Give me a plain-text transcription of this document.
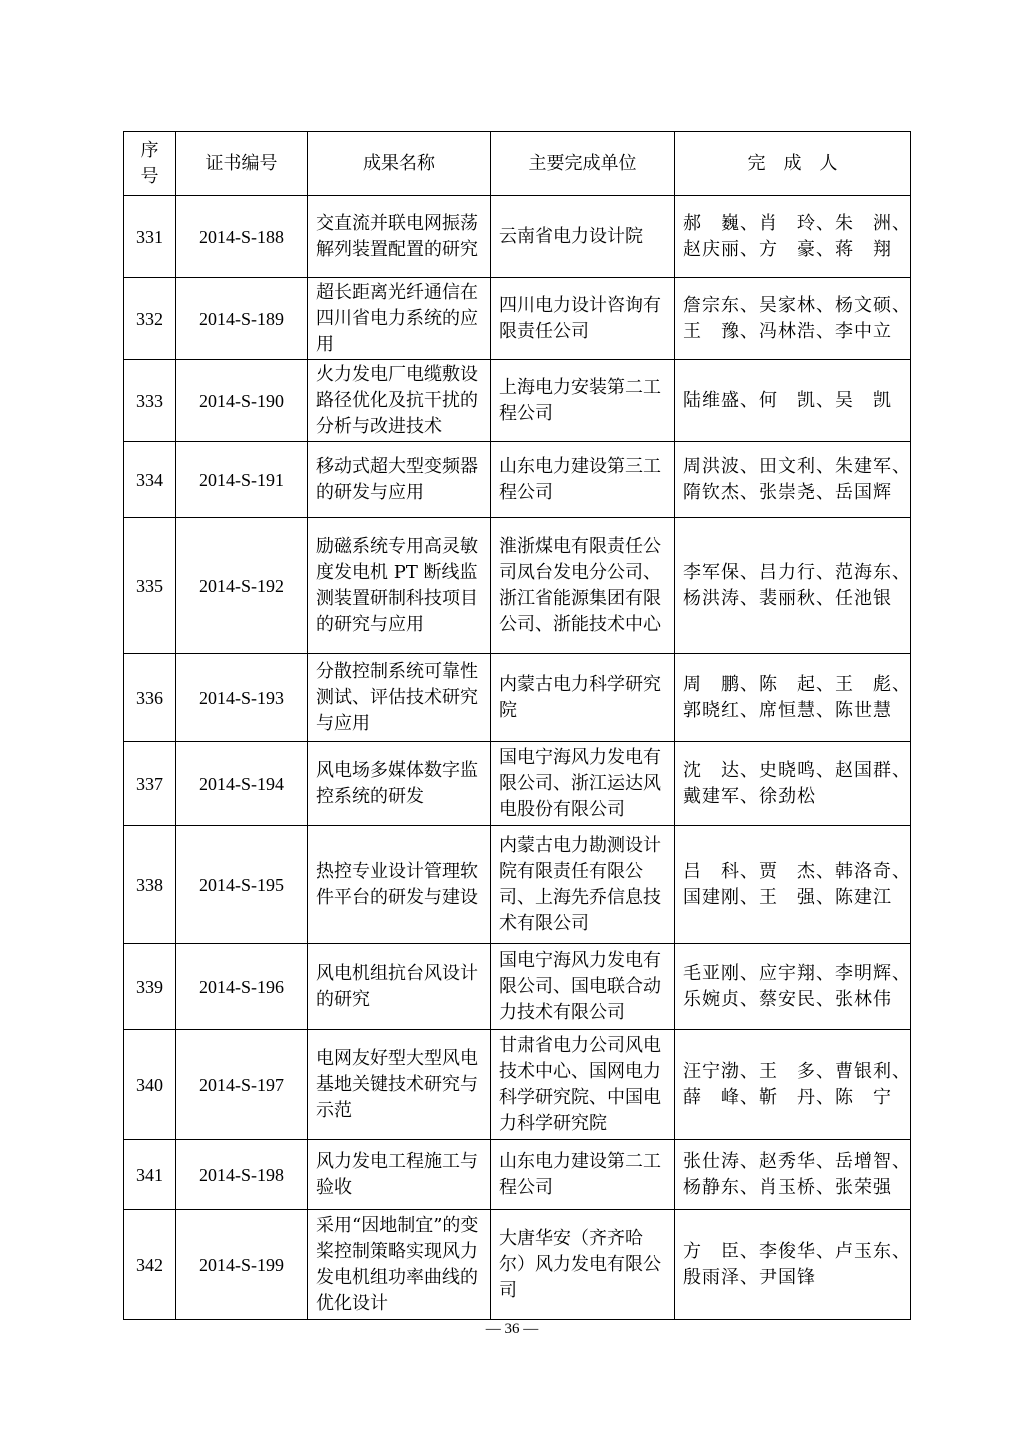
序
号	证书编号	成果名称	主要完成单位	完　成　人
331	2014-S-188	交直流并联电网振荡解列装置配置的研究	云南省电力设计院	郝　巍、肖　玲、朱　洲、
赵庆丽、方　豪、蒋　翔

332	2014-S-189	超长距离光纤通信在四川省电力系统的应用	四川电力设计咨询有限责任公司	詹宗东、吴家林、杨文硕、
王　豫、冯林浩、李中立

333	2014-S-190	火力发电厂电缆敷设路径优化及抗干扰的分析与改进技术	上海电力安装第二工程公司	陆维盛、何　凯、吴　凯

334	2014-S-191	移动式超大型变频器的研发与应用	山东电力建设第三工程公司	周洪波、田文利、朱建军、
隋钦杰、张崇尧、岳国辉

335	2014-S-192	励磁系统专用高灵敏度发电机 PT 断线监测装置研制科技项目的研究与应用	淮浙煤电有限责任公司凤台发电分公司、浙江省能源集团有限公司、浙能技术中心	李军保、吕力行、范海东、
杨洪涛、裴丽秋、任池银

336	2014-S-193	分散控制系统可靠性测试、评估技术研究与应用	内蒙古电力科学研究院	周　鹏、陈　起、王　彪、
郭晓红、席恒慧、陈世慧

337	2014-S-194	风电场多媒体数字监控系统的研发	国电宁海风力发电有限公司、浙江运达风电股份有限公司	沈　达、史晓鸣、赵国群、
戴建军、徐劲松

338	2014-S-195	热控专业设计管理软件平台的研发与建设	内蒙古电力勘测设计院有限责任有限公司、上海先乔信息技术有限公司	吕　科、贾　杰、韩洛奇、
国建刚、王　强、陈建江

339	2014-S-196	风电机组抗台风设计的研究	国电宁海风力发电有限公司、国电联合动力技术有限公司	毛亚刚、应宇翔、李明辉、
乐婉贞、蔡安民、张林伟

340	2014-S-197	电网友好型大型风电基地关键技术研究与示范	甘肃省电力公司风电技术中心、国网电力科学研究院、中国电力科学研究院	汪宁渤、王　多、曹银利、
薛　峰、靳　丹、陈　宁

341	2014-S-198	风力发电工程施工与验收	山东电力建设第二工程公司	张仕涛、赵秀华、岳增智、
杨静东、肖玉桥、张荣强

342	2014-S-199	采用“因地制宜”的变桨控制策略实现风力发电机组功率曲线的优化设计	大唐华安（齐齐哈尔）风力发电有限公司	方　臣、李俊华、卢玉东、
殷雨泽、尹国锋
— 36 —
